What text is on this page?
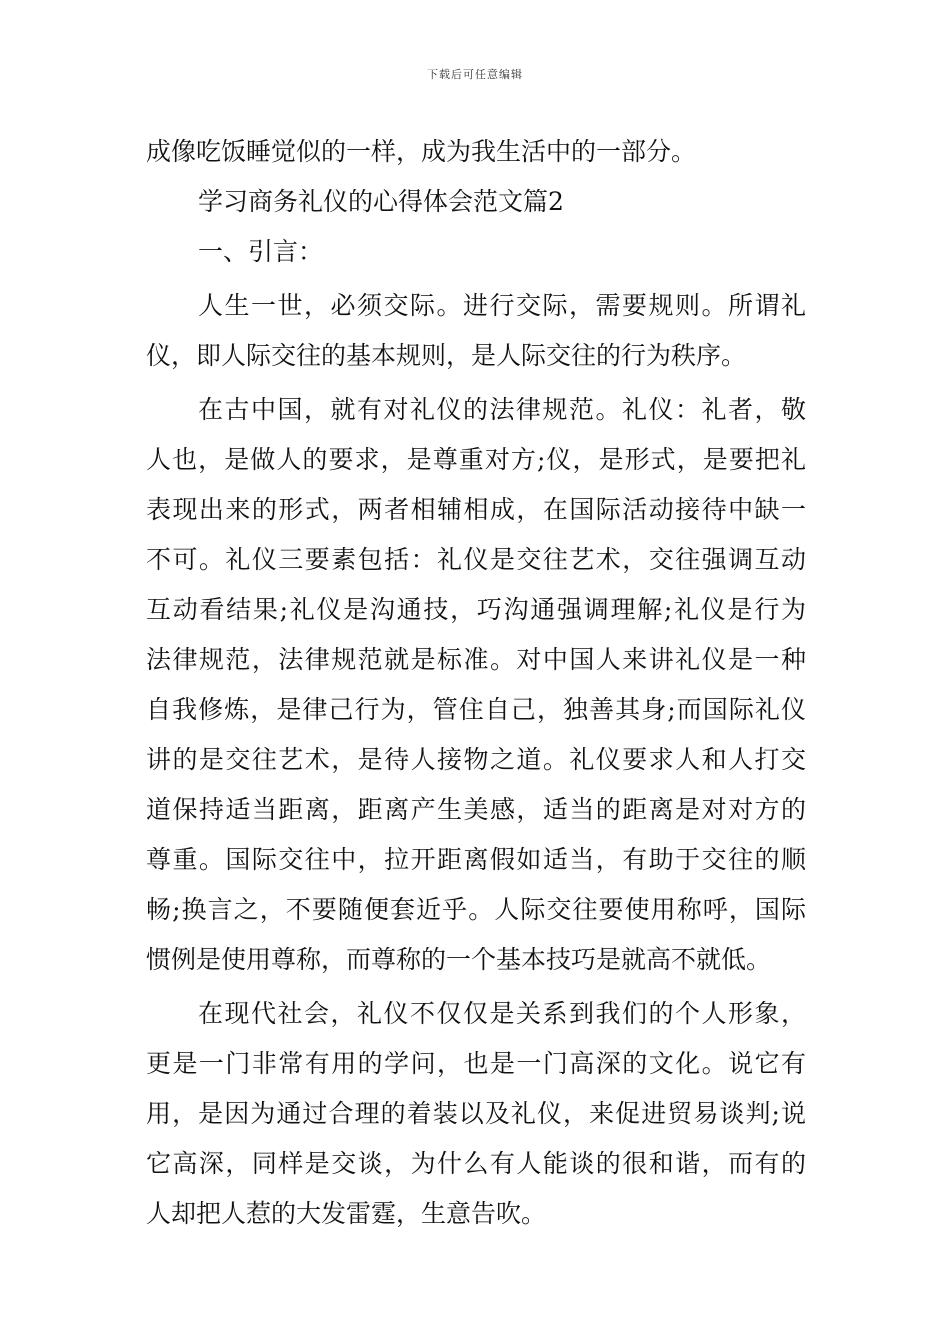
下载后可任意编辑
成像吃饭睡觉似的一样，成为我生活中的一部分。
学习商务礼仪的心得体会范文篇2
一、引言：
人生一世，必须交际。进行交际，需要规则。所谓礼
仪，即人际交往的基本规则，是人际交往的行为秩序。
在古中国，就有对礼仪的法律规范。礼仪：礼者，敬
人也，是做人的要求，是尊重对方;仪，是形式，是要把礼
表现出来的形式，两者相辅相成，在国际活动接待中缺一
不可。礼仪三要素包括：礼仪是交往艺术，交往强调互动
互动看结果;礼仪是沟通技，巧沟通强调理解;礼仪是行为
法律规范，法律规范就是标准。对中国人来讲礼仪是一种
自我修炼，是律己行为，管住自己，独善其身;而国际礼仪
讲的是交往艺术，是待人接物之道。礼仪要求人和人打交
道保持适当距离，距离产生美感，适当的距离是对对方的
尊重。国际交往中，拉开距离假如适当，有助于交往的顺
畅;换言之，不要随便套近乎。人际交往要使用称呼，国际
惯例是使用尊称，而尊称的一个基本技巧是就高不就低。
在现代社会，礼仪不仅仅是关系到我们的个人形象，
更是一门非常有用的学问，也是一门高深的文化。说它有
用，是因为通过合理的着装以及礼仪，来促进贸易谈判;说
它高深，同样是交谈，为什么有人能谈的很和谐，而有的
人却把人惹的大发雷霆，生意告吹。
